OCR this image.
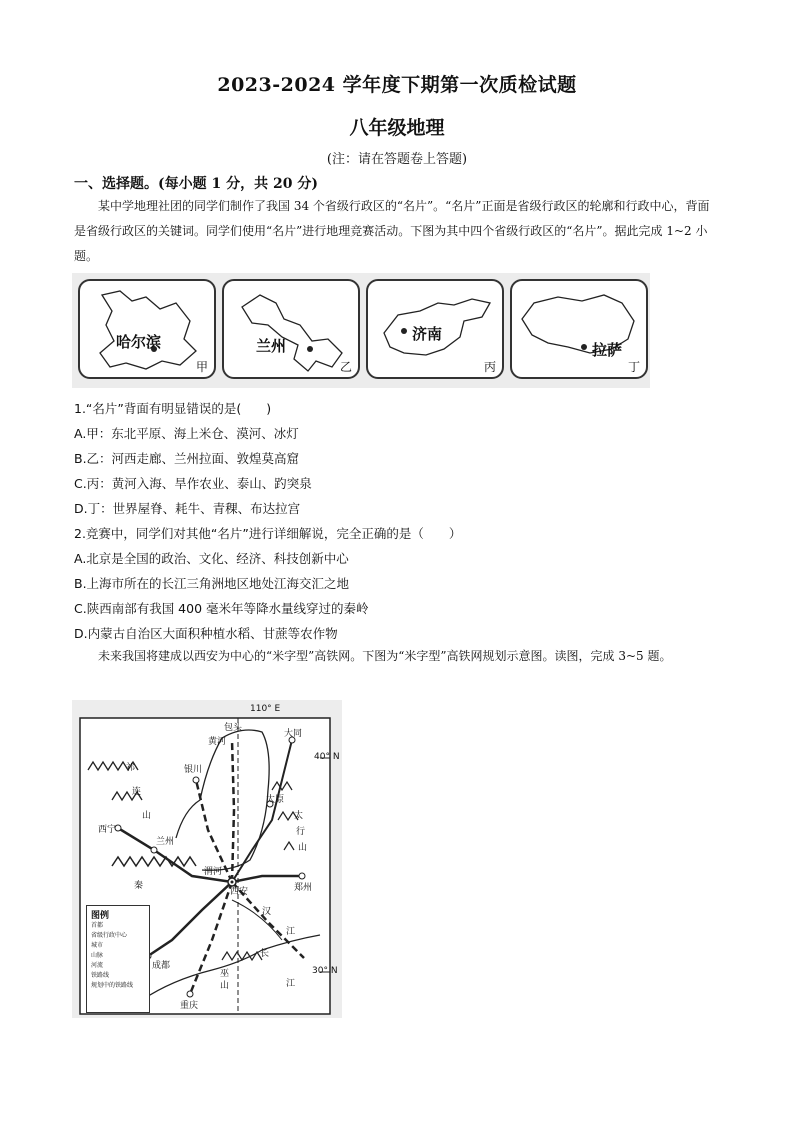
2023-2024 学年度下期第一次质检试题
八年级地理
(注：请在答题卷上答题)
一、选择题。(每小题 1 分，共 20 分)
某中学地理社团的同学们制作了我国 34 个省级行政区的“名片”。“名片”正面是省级行政区的轮廓和行政中心，背面是省级行政区的关键词。同学们使用“名片”进行地理竞赛活动。下图为其中四个省级行政区的“名片”。据此完成 1~2 小题。
哈尔滨
甲
兰州
乙
济南
丙
拉萨
丁
1.“名片”背面有明显错误的是(　　)
A.甲：东北平原、海上米仓、漠河、冰灯
B.乙：河西走廊、兰州拉面、敦煌莫高窟
C.丙：黄河入海、旱作农业、泰山、趵突泉
D.丁：世界屋脊、耗牛、青稞、布达拉宫
2.竞赛中，同学们对其他“名片”进行详细解说，完全正确的是（　　）
A.北京是全国的政治、文化、经济、科技创新中心
B.上海市所在的长江三角洲地区地处江海交汇之地
C.陕西南部有我国 400 毫米年等降水量线穿过的秦岭
D.内蒙古自治区大面积种植水稻、甘蔗等农作物
未来我国将建成以西安为中心的“米字型”高铁网。下图为“米字型”高铁网规划示意图。读图，完成 3~5 题。
110° E
40° N
30° N
包头
大同
银川
太原
西宁
兰州
西安	郑州
成都
重庆
黄河
祁
连
山	太
行
山
渭河
秦
汉
江
巫
山
长
江
图例
首都
省级行政中心
城市
山脉
河流
铁路线
规划中的铁路线
